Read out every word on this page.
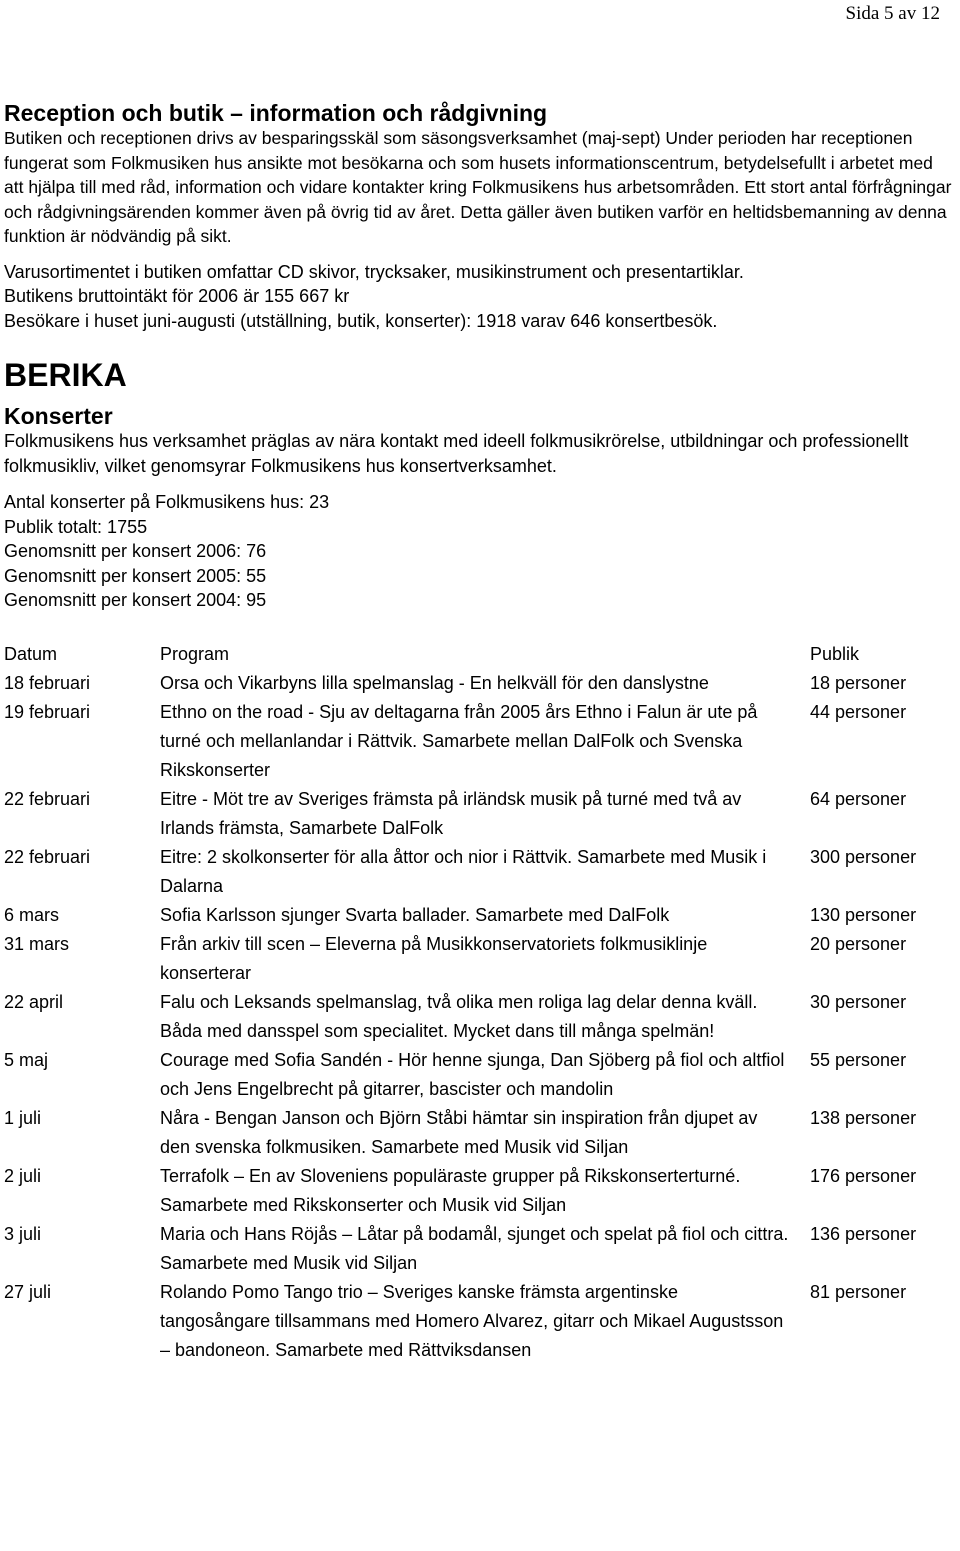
Sida 5 av 12
Reception och butik – information och rådgivning

Butiken och receptionen drivs av besparingsskäl som säsongsverksamhet (maj-sept) Under perioden har receptionen fungerat som Folkmusiken hus ansikte mot besökarna och som husets informationscentrum, betydelsefullt i arbetet med att hjälpa till med råd, information och vidare kontakter kring Folkmusikens hus arbetsområden. Ett stort antal förfrågningar och rådgivningsärenden kommer även på övrig tid av året. Detta gäller även butiken varför en heltidsbemanning av denna funktion är nödvändig på sikt.

Varusortimentet i butiken omfattar CD skivor, trycksaker, musikinstrument och presentartiklar.

Butikens bruttointäkt för 2006 är 155 667 kr

Besökare i huset juni-augusti (utställning, butik, konserter): 1918 varav 646 konsertbesök.

BERIKA
Konserter

Folkmusikens hus verksamhet präglas av nära kontakt med ideell folkmusikrörelse, utbildningar och professionellt folkmusikliv, vilket genomsyrar Folkmusikens hus konsertverksamhet.

Antal konserter på Folkmusikens hus: 23
Publik totalt: 1755
Genomsnitt per konsert 2006: 76
Genomsnitt per konsert 2005: 55
Genomsnitt per konsert 2004: 95
Datum	Program	Publik
18 februari	Orsa och Vikarbyns lilla spelmanslag - En helkväll för den danslystne	18 personer
19 februari	Ethno on the road - Sju av deltagarna från 2005 års Ethno i Falun är ute på turné och mellanlandar i Rättvik. Samarbete mellan DalFolk och Svenska Rikskonserter	44 personer
22 februari	Eitre - Möt tre av Sveriges främsta på irländsk musik på turné med två av Irlands främsta, Samarbete DalFolk	64 personer
22 februari	Eitre: 2 skolkonserter för alla åttor och nior i Rättvik. Samarbete med Musik i Dalarna	300 personer
6 mars	Sofia Karlsson sjunger Svarta ballader. Samarbete med DalFolk	130 personer
31 mars	Från arkiv till scen – Eleverna på Musikkonservatoriets folkmusiklinje konserterar	20 personer
22 april	Falu och Leksands spelmanslag, två olika men roliga lag delar denna kväll. Båda med dansspel som specialitet. Mycket dans till många spelmän!	30 personer
5 maj	Courage med Sofia Sandén - Hör henne sjunga, Dan Sjöberg på fiol och altfiol och Jens Engelbrecht på gitarrer, bascister och mandolin	55 personer
1 juli	Nåra - Bengan Janson och Björn Ståbi hämtar sin inspiration från djupet av den svenska folkmusiken. Samarbete med Musik vid Siljan	138 personer
2 juli	Terrafolk – En av Sloveniens populäraste grupper på Rikskonserterturné. Samarbete med Rikskonserter och Musik vid Siljan	176 personer
3 juli	Maria och Hans Röjås – Låtar på bodamål, sjunget och spelat på fiol och cittra. Samarbete med Musik vid Siljan	136 personer
27 juli	Rolando Pomo Tango trio – Sveriges kanske främsta argentinske tangosångare tillsammans med Homero Alvarez, gitarr och Mikael Augustsson – bandoneon. Samarbete med Rättviksdansen	81 personer
